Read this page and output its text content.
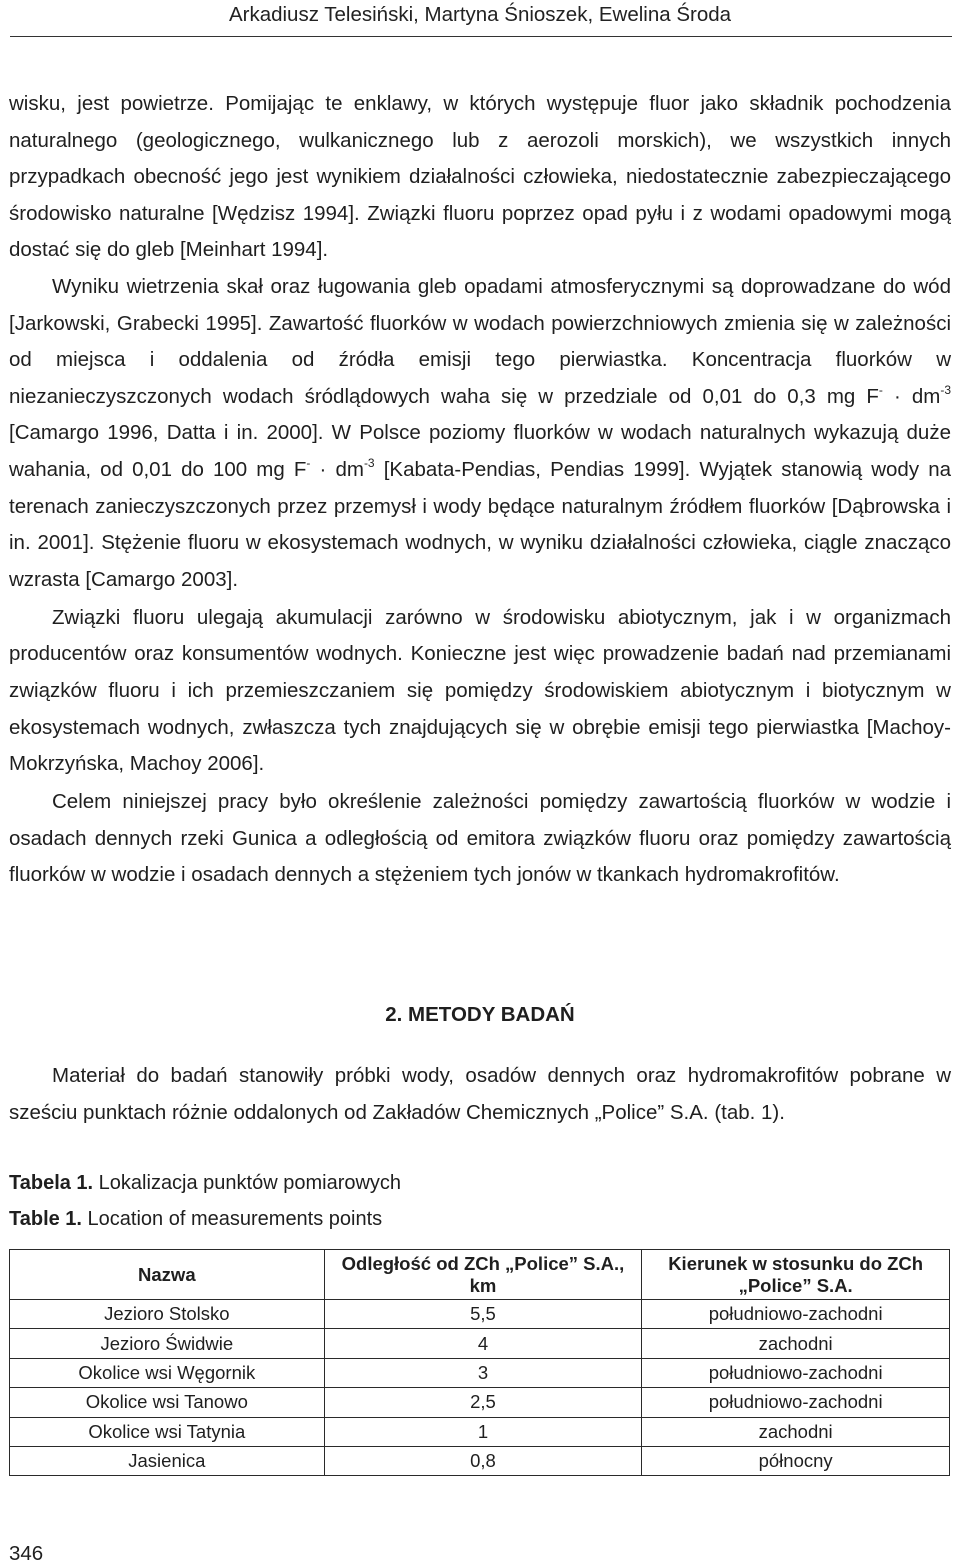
Arkadiusz Telesiński, Martyna Śnioszek, Ewelina Środa

wisku, jest powietrze. Pomijając te enklawy, w których występuje fluor jako składnik pochodzenia naturalnego (geologicznego, wulkanicznego lub z aerozoli morskich), we wszystkich innych przypadkach obecność jego jest wynikiem działalności człowieka, niedostatecznie zabezpieczającego środowisko naturalne [Wędzisz 1994]. Związki fluoru poprzez opad pyłu i z wodami opadowymi mogą dostać się do gleb [Meinhart 1994].

Wyniku wietrzenia skał oraz ługowania gleb opadami atmosferycznymi są doprowadzane do wód [Jarkowski, Grabecki 1995]. Zawartość fluorków w wodach powierzchniowych zmienia się w zależności od miejsca i oddalenia od źródła emisji tego pierwiastka. Koncentracja fluorków w niezanieczyszczonych wodach śródlądowych waha się w przedziale od 0,01 do 0,3 mg $F^- \cdot dm^{-3}$ [Camargo 1996, Datta i in. 2000]. W Polsce poziomy fluorków w wodach naturalnych wykazują duże wahania, od 0,01 do 100 mg $F^- \cdot dm^{-3}$ [Kabata-Pendias, Pendias 1999]. Wyjątek stanowią wody na terenach zanieczyszczonych przez przemysł i wody będące naturalnym źródłem fluorków [Dąbrowska i in. 2001]. Stężenie fluoru w ekosystemach wodnych, w wyniku działalności człowieka, ciągle znacząco wzrasta [Camargo 2003].

Związki fluoru ulegają akumulacji zarówno w środowisku abiotycznym, jak i w organizmach producentów oraz konsumentów wodnych. Konieczne jest więc prowadzenie badań nad przemianami związków fluoru i ich przemieszczaniem się pomiędzy środowiskiem abiotycznym i biotycznym w ekosystemach wodnych, zwłaszcza tych znajdujących się w obrębie emisji tego pierwiastka [Machoy-Mokrzyńska, Machoy 2006].

Celem niniejszej pracy było określenie zależności pomiędzy zawartością fluorków w wodzie i osadach dennych rzeki Gunica a odległością od emitora związków fluoru oraz pomiędzy zawartością fluorków w wodzie i osadach dennych a stężeniem tych jonów w tkankach hydromakrofitów.

2. METODY BADAŃ
Materiał do badań stanowiły próbki wody, osadów dennych oraz hydromakrofitów pobrane w sześciu punktach różnie oddalonych od Zakładów Chemicznych „Police” S.A. (tab. 1).
Tabela 1. Lokalizacja punktów pomiarowych
Table 1. Location of measurements points
Nazwa	Odległość od ZCh „Police” S.A., km	Kierunek w stosunku do ZCh „Police” S.A.
Jezioro Stolsko	5,5	południowo-zachodni
Jezioro Świdwie	4	zachodni
Okolice wsi Węgornik	3	południowo-zachodni
Okolice wsi Tanowo	2,5	południowo-zachodni
Okolice wsi Tatynia	1	zachodni
Jasienica	0,8	północny
346
